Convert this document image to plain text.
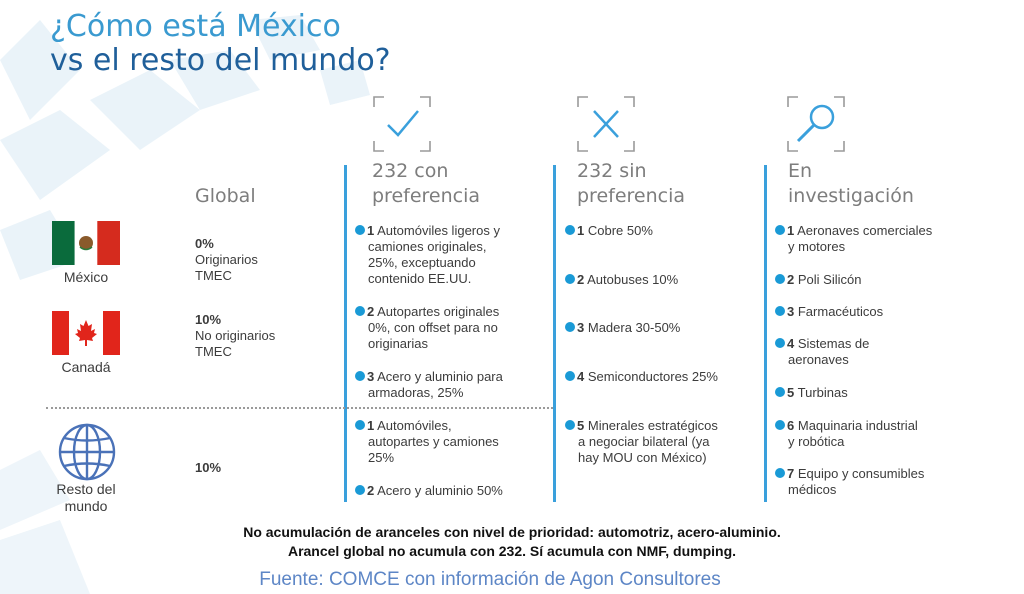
¿Cómo está México
vs el resto del mundo?
Global
232 con
preferencia
232 sin
preferencia
En
investigación
México
Canadá
Resto del
mundo
0%
Originarios
TMEC
10%
No originarios
TMEC
10%
1 Automóviles ligeros y
camiones originales,
25%, exceptuando
contenido EE.UU.
2 Autopartes originales
0%, con offset para no
originarias
3 Acero y aluminio para
armadoras, 25%
1 Automóviles,
autopartes y camiones
25%
2 Acero y aluminio 50%
1 Cobre 50%
2 Autobuses 10%
3 Madera 30-50%
4 Semiconductores 25%
5 Minerales estratégicos
a negociar bilateral (ya
hay MOU con México)
1 Aeronaves comerciales
y motores
2 Poli Silicón
3 Farmacéuticos
4 Sistemas de
aeronaves
5 Turbinas
6 Maquinaria industrial
y robótica
7 Equipo y consumibles
médicos
No acumulación de aranceles con nivel de prioridad: automotriz, acero-aluminio.
Arancel global no acumula con 232. Sí acumula con NMF, dumping.
Fuente: COMCE con información de Agon Consultores
